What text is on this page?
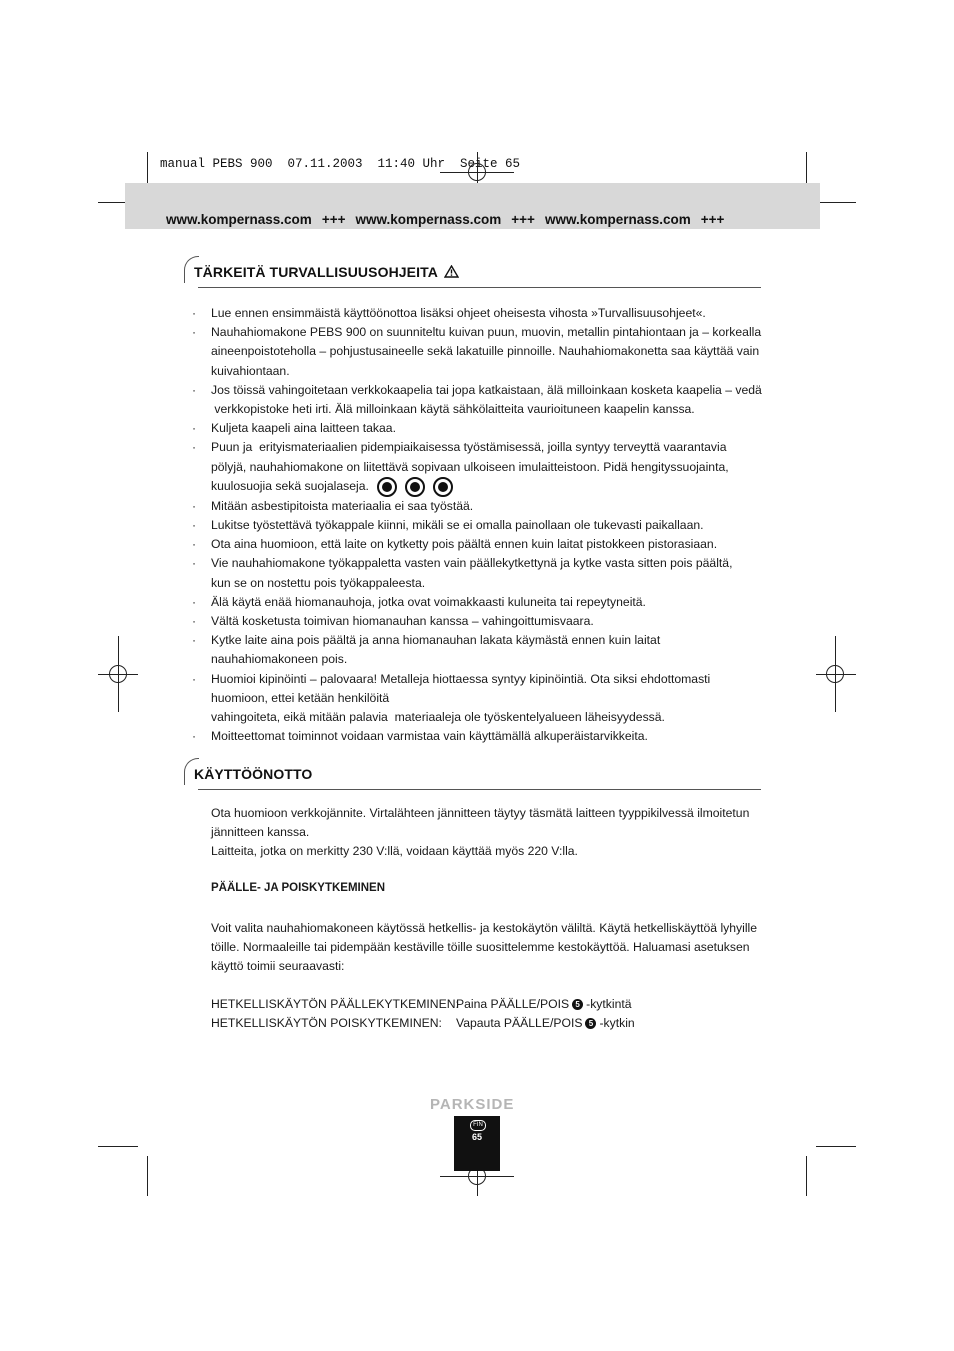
manual PEBS 900  07.11.2003  11:40 Uhr  Seite 65
www.kompernass.com +++ www.kompernass.com +++ www.kompernass.com +++
TÄRKEITÄ TURVALLISUUSOHJEITA
· Lue ennen ensimmäistä käyttöönottoa lisäksi ohjeet oheisesta vihosta »Turvallisuusohjeet«.
· Nauhahiomakone PEBS 900 on suunniteltu kuivan puun, muovin, metallin pintahiontaan ja – korkealla
aineenpoistoteholla – pohjustusaineelle sekä lakatuille pinnoille. Nauhahiomakonetta saa käyttää vain
kuivahiontaan.
· Jos töissä vahingoitetaan verkkokaapelia tai jopa katkaistaan, älä milloinkaan kosketa kaapelia – vedä
verkkopistoke heti irti. Älä milloinkaan käytä sähkölaitteita vaurioituneen kaapelin kanssa.
· Kuljeta kaapeli aina laitteen takaa.
· Puun ja  erityismateriaalien pidempiaikaisessa työstämisessä, joilla syntyy terveyttä vaarantavia
pölyjä, nauhahiomakone on liitettävä sopivaan ulkoiseen imulaitteistoon. Pidä hengityssuojainta,
kuulosuojia sekä suojalaseja.
· Mitään asbestipitoista materiaalia ei saa työstää.
· Lukitse työstettävä työkappale kiinni, mikäli se ei omalla painollaan ole tukevasti paikallaan.
· Ota aina huomioon, että laite on kytketty pois päältä ennen kuin laitat pistokkeen pistorasiaan.
· Vie nauhahiomakone työkappaletta vasten vain päällekytkettynä ja kytke vasta sitten pois päältä,
kun se on nostettu pois työkappaleesta.
· Älä käytä enää hiomanauhoja, jotka ovat voimakkaasti kuluneita tai repeytyneitä.
· Vältä kosketusta toimivan hiomanauhan kanssa – vahingoittumisvaara.
· Kytke laite aina pois päältä ja anna hiomanauhan lakata käymästä ennen kuin laitat
nauhahiomakoneen pois.
· Huomioi kipinöinti – palovaara! Metalleja hiottaessa syntyy kipinöintiä. Ota siksi ehdottomasti
huomioon, ettei ketään henkilöitä
vahingoiteta, eikä mitään palavia  materiaaleja ole työskentelyalueen läheisyydessä.
· Moitteettomat toiminnot voidaan varmistaa vain käyttämällä alkuperäistarvikkeita.
KÄYTTÖÖNOTTO
Ota huomioon verkkojännite. Virtalähteen jännitteen täytyy täsmätä laitteen tyyppikilvessä ilmoitetun
jännitteen kanssa.
Laitteita, jotka on merkitty 230 V:llä, voidaan käyttää myös 220 V:lla.
PÄÄLLE- JA POISKYTKEMINEN
Voit valita nauhahiomakoneen käytössä hetkellis- ja kestokäytön väliltä. Käytä hetkelliskäyttöä lyhyille
töille. Normaaleille tai pidempään kestäville töille suosittelemme kestokäyttöä. Haluamasi asetuksen
käyttö toimii seuraavasti:
HETKELLISKÄYTÖN PÄÄLLEKYTKEMINEN:
Paina PÄÄLLE/POIS 5 -kytkintä
HETKELLISKÄYTÖN POISKYTKEMINEN: Vapauta PÄÄLLE/POIS 5 -kytkin
PARKSIDE
FIN
65
